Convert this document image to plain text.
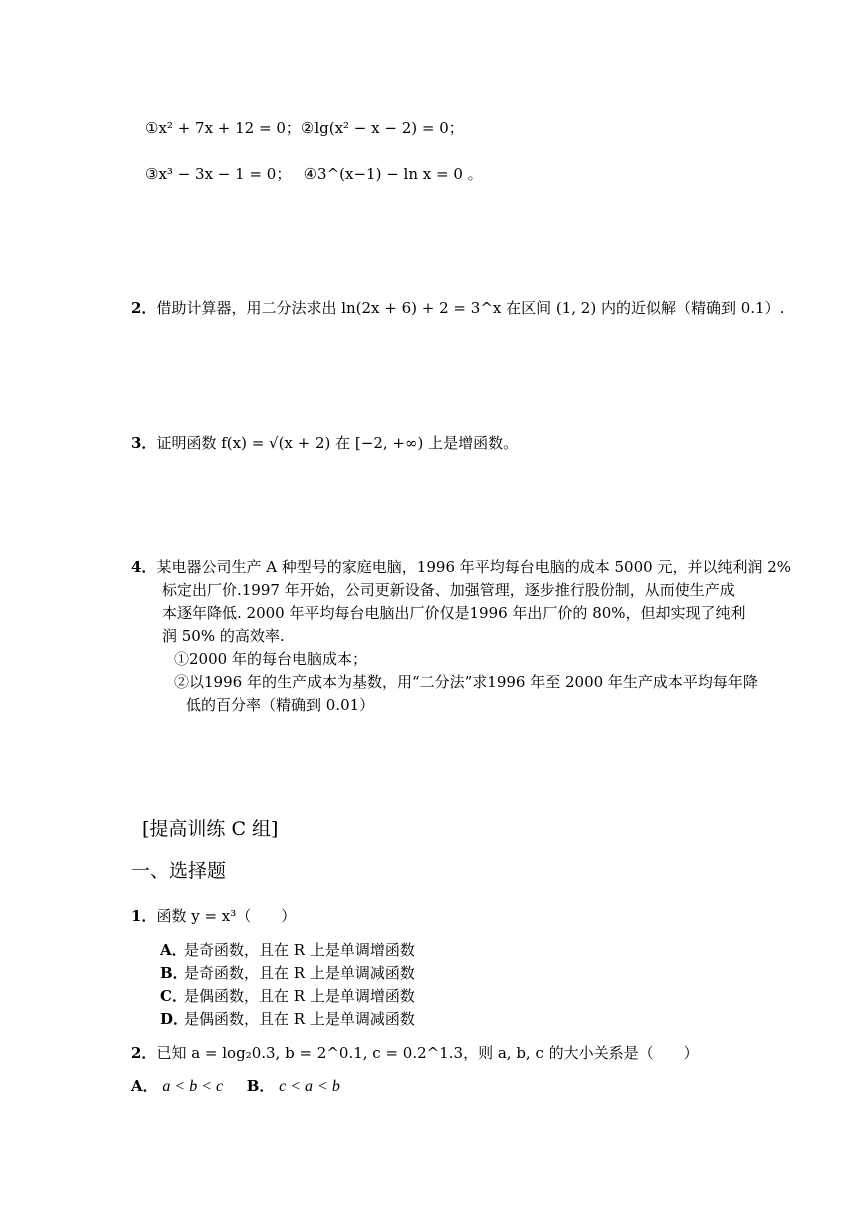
①x² + 7x + 12 = 0；②lg(x² − x − 2) = 0；
③x³ − 3x − 1 = 0；　 ④3^(x−1) − ln x = 0 。
2．借助计算器，用二分法求出 ln(2x + 6) + 2 = 3^x 在区间 (1, 2) 内的近似解（精确到 0.1）.
3．证明函数 f(x) = √(x + 2) 在 [−2, +∞) 上是增函数。
4．某电器公司生产 A 种型号的家庭电脑，1996 年平均每台电脑的成本 5000 元，并以纯利润 2%
标定出厂价.1997 年开始，公司更新设备、加强管理，逐步推行股份制，从而使生产成
本逐年降低. 2000 年平均每台电脑出厂价仅是1996 年出厂价的 80%，但却实现了纯利
润 50% 的高效率.
①2000 年的每台电脑成本；
②以1996 年的生产成本为基数，用“二分法”求1996 年至 2000 年生产成本平均每年降
低的百分率（精确到 0.01）
[提高训练 C 组]
一、选择题
1．函数 y = x³（　　）
A．是奇函数，且在 R 上是单调增函数
B．是奇函数，且在 R 上是单调减函数
C．是偶函数，且在 R 上是单调增函数
D．是偶函数，且在 R 上是单调减函数
2．已知 a = log₂0.3, b = 2^0.1, c = 0.2^1.3，则 a, b, c 的大小关系是（　　）
A． a < b < c B． c < a < b
